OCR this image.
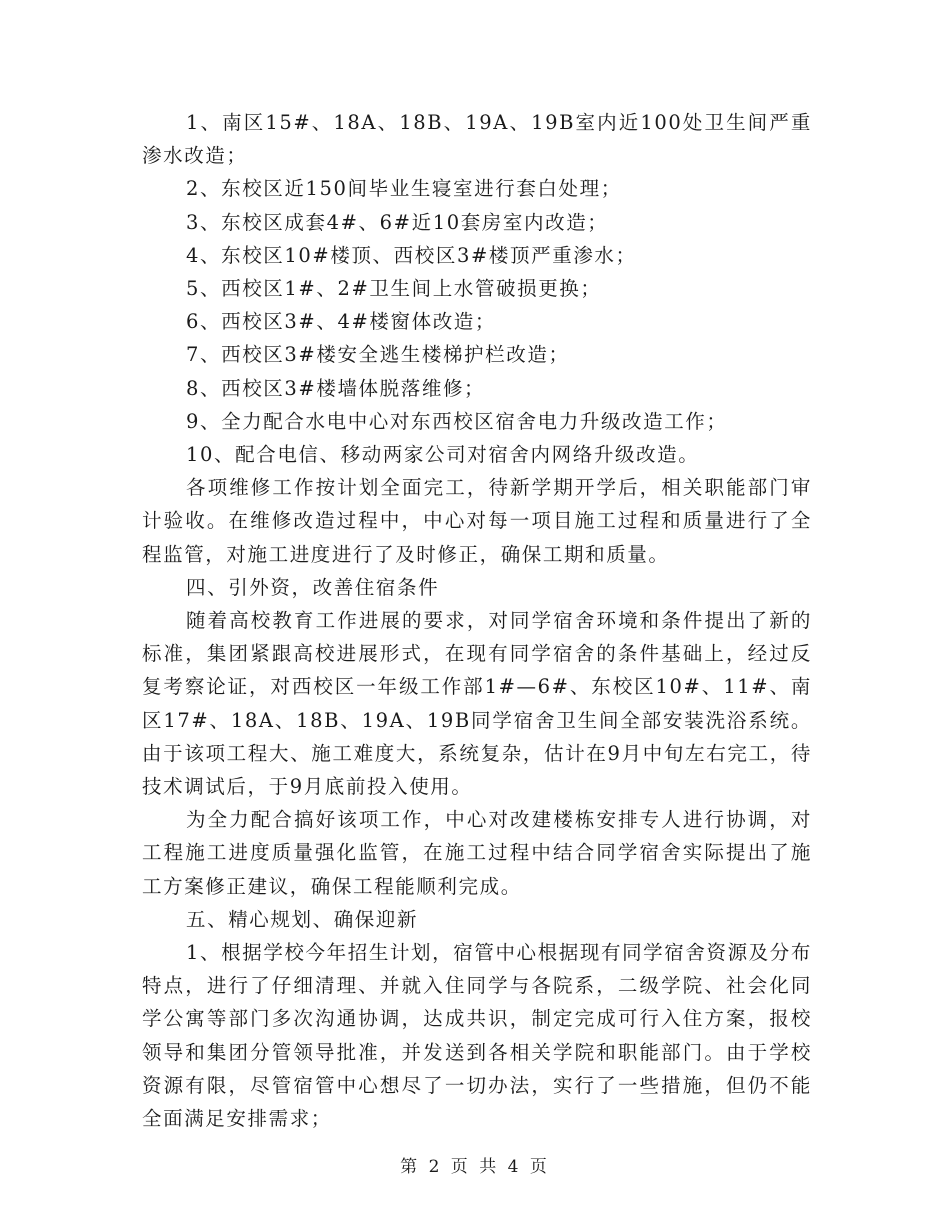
1、南区15#、18A、18B、19A、19B室内近100处卫生间严重渗水改造；

2、东校区近150间毕业生寝室进行套白处理；

3、东校区成套4#、6#近10套房室内改造；

4、东校区10#楼顶、西校区3#楼顶严重渗水；

5、西校区1#、2#卫生间上水管破损更换；

6、西校区3#、4#楼窗体改造；

7、西校区3#楼安全逃生楼梯护栏改造；

8、西校区3#楼墙体脱落维修；

9、全力配合水电中心对东西校区宿舍电力升级改造工作；

10、配合电信、移动两家公司对宿舍内网络升级改造。

各项维修工作按计划全面完工，待新学期开学后，相关职能部门审计验收。在维修改造过程中，中心对每一项目施工过程和质量进行了全程监管，对施工进度进行了及时修正，确保工期和质量。

四、引外资，改善住宿条件

随着高校教育工作进展的要求，对同学宿舍环境和条件提出了新的标准，集团紧跟高校进展形式，在现有同学宿舍的条件基础上，经过反复考察论证，对西校区一年级工作部1#—6#、东校区10#、11#、南区17#、18A、18B、19A、19B同学宿舍卫生间全部安装洗浴系统。由于该项工程大、施工难度大，系统复杂，估计在9月中旬左右完工，待技术调试后，于9月底前投入使用。

为全力配合搞好该项工作，中心对改建楼栋安排专人进行协调，对工程施工进度质量强化监管，在施工过程中结合同学宿舍实际提出了施工方案修正建议，确保工程能顺利完成。

五、精心规划、确保迎新

1、根据学校今年招生计划，宿管中心根据现有同学宿舍资源及分布特点，进行了仔细清理、并就入住同学与各院系，二级学院、社会化同学公寓等部门多次沟通协调，达成共识，制定完成可行入住方案，报校领导和集团分管领导批准，并发送到各相关学院和职能部门。由于学校资源有限，尽管宿管中心想尽了一切办法，实行了一些措施，但仍不能全面满足安排需求；

第 2 页 共 4 页
